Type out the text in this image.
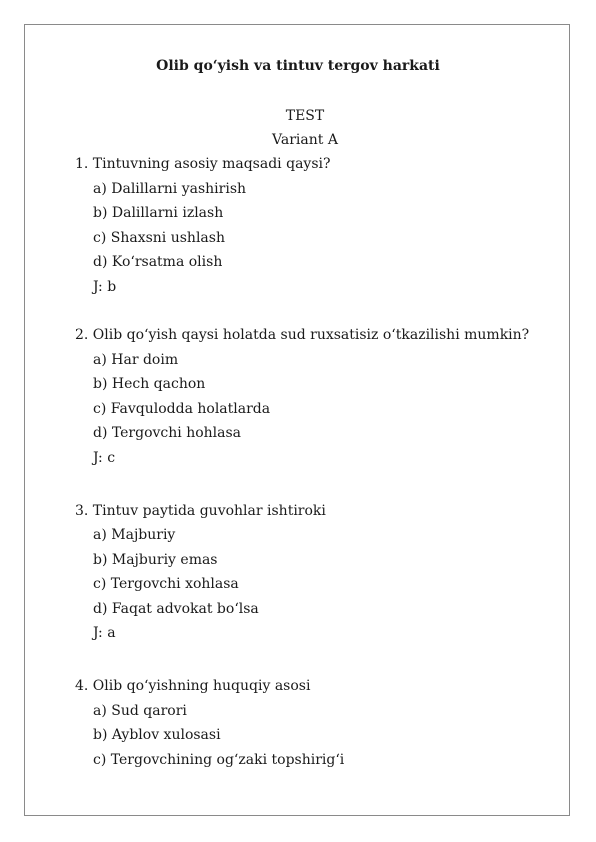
Olib qo‘yish va tintuv tergov harkati
TEST
Variant A
1. Tintuvning asosiy maqsadi qaysi?
a) Dalillarni yashirish
b) Dalillarni izlash
c) Shaxsni ushlash
d) Ko‘rsatma olish
J: b
2. Olib qo‘yish qaysi holatda sud ruxsatisiz o‘tkazilishi mumkin?
a) Har doim
b) Hech qachon
c) Favqulodda holatlarda
d) Tergovchi hohlasa
J: c
3. Tintuv paytida guvohlar ishtiroki
a) Majburiy
b) Majburiy emas
c) Tergovchi xohlasa
d) Faqat advokat bo‘lsa
J: a
4. Olib qo‘yishning huquqiy asosi
a) Sud qarori
b) Ayblov xulosasi
c) Tergovchining og‘zaki topshirig‘i
